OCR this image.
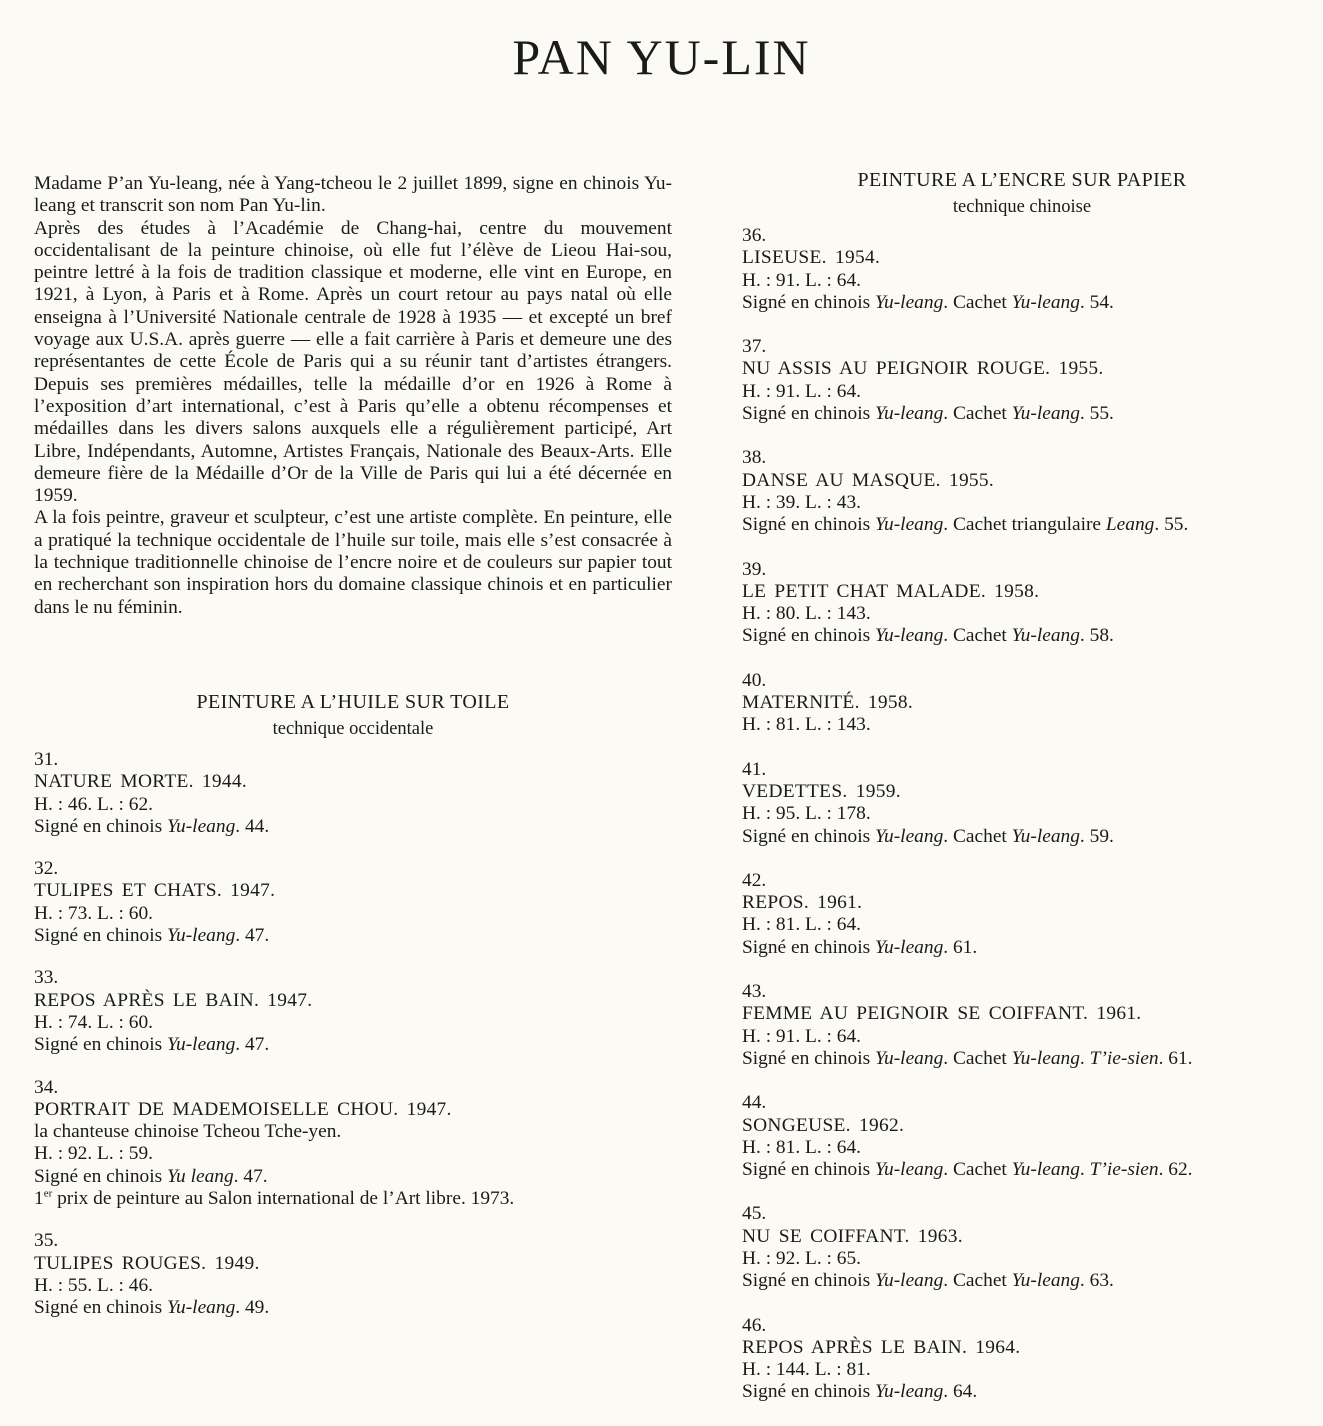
PAN YU-LIN

Madame P’an Yu-leang, née à Yang-tcheou le 2 juillet 1899, signe en chinois Yu-leang et transcrit son nom Pan Yu-lin.

Après des études à l’Académie de Chang-hai, centre du mouvement occidentalisant de la peinture chinoise, où elle fut l’élève de Lieou Hai-sou, peintre lettré à la fois de tradition classique et moderne, elle vint en Europe, en 1921, à Lyon, à Paris et à Rome. Après un court retour au pays natal où elle enseigna à l’Université Nationale centrale de 1928 à 1935 — et excepté un bref voyage aux U.S.A. après guerre — elle a fait carrière à Paris et demeure une des représentantes de cette École de Paris qui a su réunir tant d’artistes étrangers. Depuis ses premières médailles, telle la médaille d’or en 1926 à Rome à l’exposition d’art international, c’est à Paris qu’elle a obtenu récompenses et médailles dans les divers salons auxquels elle a régulièrement participé, Art Libre, Indépendants, Automne, Artistes Français, Nationale des Beaux-Arts. Elle demeure fière de la Médaille d’Or de la Ville de Paris qui lui a été décernée en 1959.

A la fois peintre, graveur et sculpteur, c’est une artiste complète. En peinture, elle a pratiqué la technique occidentale de l’huile sur toile, mais elle s’est consacrée à la technique traditionnelle chinoise de l’encre noire et de couleurs sur papier tout en recherchant son inspiration hors du domaine classique chinois et en particulier dans le nu féminin.

PEINTURE A L’HUILE SUR TOILE
technique occidentale
31.
NATURE MORTE. 1944.
H. : 46. L. : 62.
Signé en chinois Yu-leang. 44.
32.
TULIPES ET CHATS. 1947.
H. : 73. L. : 60.
Signé en chinois Yu-leang. 47.
33.
REPOS APRÈS LE BAIN. 1947.
H. : 74. L. : 60.
Signé en chinois Yu-leang. 47.
34.
PORTRAIT DE MADEMOISELLE CHOU. 1947.
la chanteuse chinoise Tcheou Tche-yen.
H. : 92. L. : 59.
Signé en chinois Yu leang. 47.
1er prix de peinture au Salon international de l’Art libre. 1973.
35.
TULIPES ROUGES. 1949.
H. : 55. L. : 46.
Signé en chinois Yu-leang. 49.
PEINTURE A L’ENCRE SUR PAPIER
technique chinoise
36.
LISEUSE. 1954.
H. : 91. L. : 64.
Signé en chinois Yu-leang. Cachet Yu-leang. 54.
37.
NU ASSIS AU PEIGNOIR ROUGE. 1955.
H. : 91. L. : 64.
Signé en chinois Yu-leang. Cachet Yu-leang. 55.
38.
DANSE AU MASQUE. 1955.
H. : 39. L. : 43.
Signé en chinois Yu-leang. Cachet triangulaire Leang. 55.
39.
LE PETIT CHAT MALADE. 1958.
H. : 80. L. : 143.
Signé en chinois Yu-leang. Cachet Yu-leang. 58.
40.
MATERNITÉ. 1958.
H. : 81. L. : 143.
41.
VEDETTES. 1959.
H. : 95. L. : 178.
Signé en chinois Yu-leang. Cachet Yu-leang. 59.
42.
REPOS. 1961.
H. : 81. L. : 64.
Signé en chinois Yu-leang. 61.
43.
FEMME AU PEIGNOIR SE COIFFANT. 1961.
H. : 91. L. : 64.
Signé en chinois Yu-leang. Cachet Yu-leang. T’ie-sien. 61.
44.
SONGEUSE. 1962.
H. : 81. L. : 64.
Signé en chinois Yu-leang. Cachet Yu-leang. T’ie-sien. 62.
45.
NU SE COIFFANT. 1963.
H. : 92. L. : 65.
Signé en chinois Yu-leang. Cachet Yu-leang. 63.
46.
REPOS APRÈS LE BAIN. 1964.
H. : 144. L. : 81.
Signé en chinois Yu-leang. 64.
